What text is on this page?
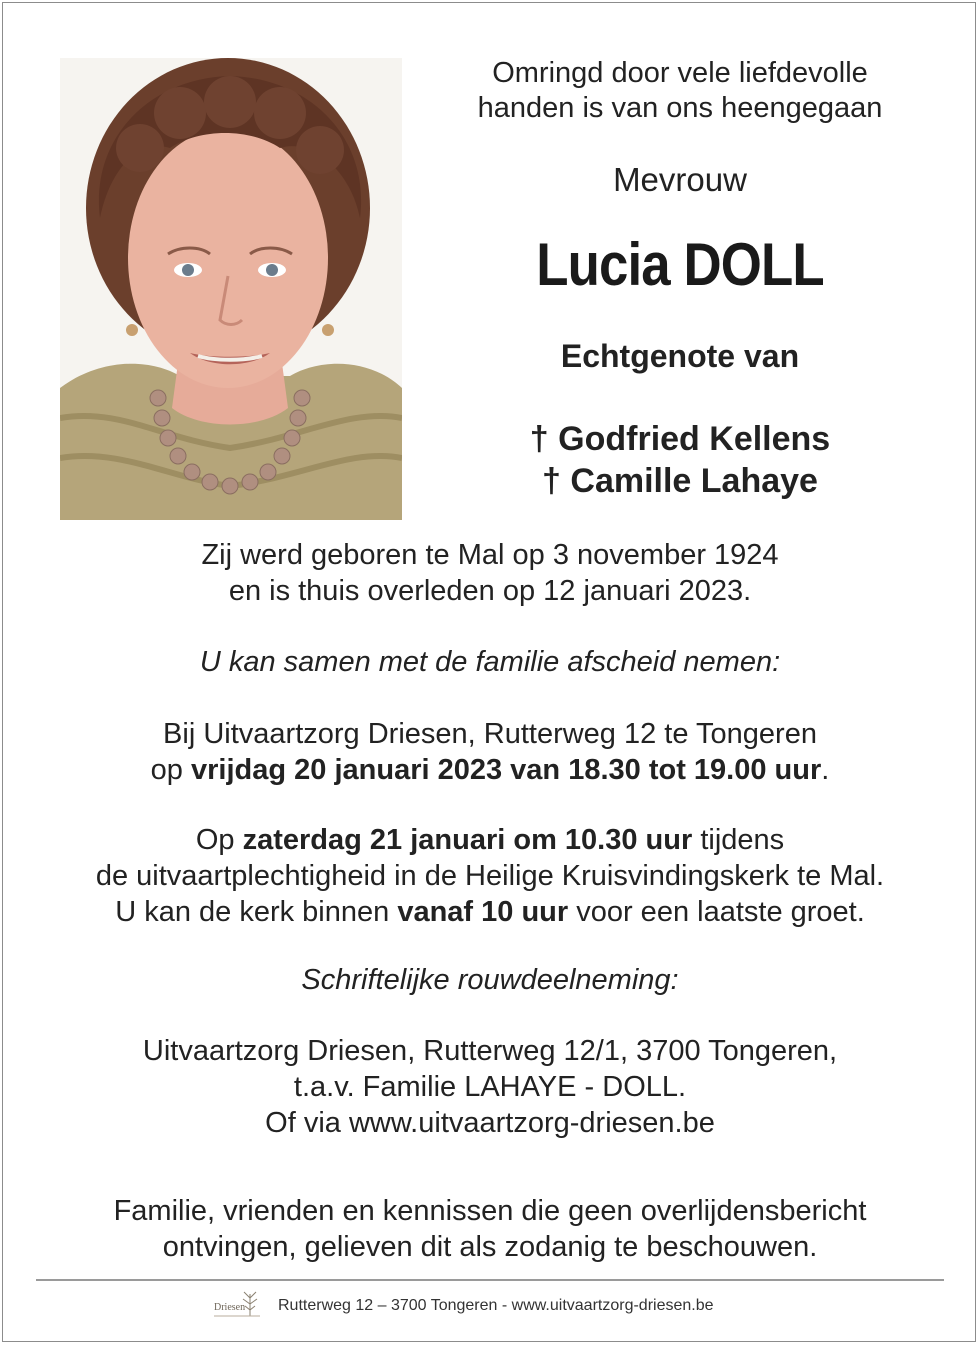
Omringd door vele liefdevolle
handen is van ons heengegaan
Mevrouw
Lucia DOLL
Echtgenote van
† Godfried Kellens
† Camille Lahaye
Zij werd geboren te Mal op 3 november 1924
en is thuis overleden op 12 januari 2023.
U kan samen met de familie afscheid nemen:
Bij Uitvaartzorg Driesen, Rutterweg 12 te Tongeren
op vrijdag 20 januari 2023 van 18.30 tot 19.00 uur.
Op zaterdag 21 januari om 10.30 uur tijdens
de uitvaartplechtigheid in de Heilige Kruisvindingskerk te Mal.
U kan de kerk binnen vanaf 10 uur voor een laatste groet.
Schriftelijke rouwdeelneming:
Uitvaartzorg Driesen, Rutterweg 12/1, 3700 Tongeren,
t.a.v. Familie LAHAYE - DOLL.
Of via www.uitvaartzorg-driesen.be
Familie, vrienden en kennissen die geen overlijdensbericht
ontvingen, gelieven dit als zodanig te beschouwen.
Driesen Rutterweg 12 – 3700 Tongeren - www.uitvaartzorg-driesen.be
